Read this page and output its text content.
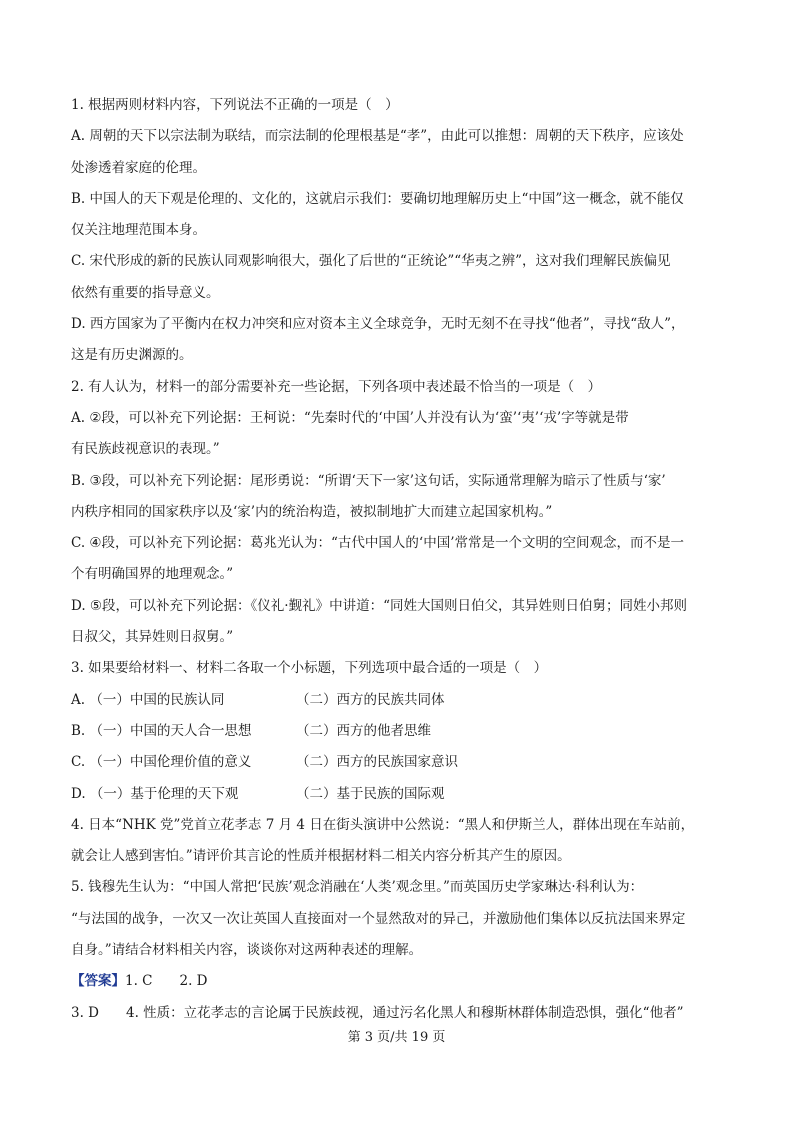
1. 根据两则材料内容，下列说法不正确的一项是（　）

A. 周朝的天下以宗法制为联结，而宗法制的伦理根基是“孝”，由此可以推想：周朝的天下秩序，应该处

处渗透着家庭的伦理。

B. 中国人的天下观是伦理的、文化的，这就启示我们：要确切地理解历史上“中国”这一概念，就不能仅

仅关注地理范围本身。

C. 宋代形成的新的民族认同观影响很大，强化了后世的“正统论”“华夷之辨”，这对我们理解民族偏见

依然有重要的指导意义。

D. 西方国家为了平衡内在权力冲突和应对资本主义全球竞争，无时无刻不在寻找“他者”，寻找“敌人”，

这是有历史渊源的。

2. 有人认为，材料一的部分需要补充一些论据，下列各项中表述最不恰当的一项是（　）

A. ②段，可以补充下列论据：王柯说：“先秦时代的‘中国’人并没有认为‘蛮’‘夷’‘戎’字等就是带

有民族歧视意识的表现。”

B. ③段，可以补充下列论据：尾形勇说：“所谓‘天下一家’这句话，实际通常理解为暗示了性质与‘家’

内秩序相同的国家秩序以及‘家’内的统治构造，被拟制地扩大而建立起国家机构。”

C. ④段，可以补充下列论据：葛兆光认为：“古代中国人的‘中国’常常是一个文明的空间观念，而不是一

个有明确国界的地理观念。”

D. ⑤段，可以补充下列论据：《仪礼·觐礼》中讲道：“同姓大国则日伯父，其异姓则日伯舅；同姓小邦则

日叔父，其异姓则日叔舅。”

3. 如果要给材料一、材料二各取一个小标题，下列选项中最合适的一项是（　）

A. （一）中国的民族认同	（二）西方的民族共同体
B. （一）中国的天人合一思想	（二）西方的他者思维
C. （一）中国伦理价值的意义	（二）西方的民族国家意识
D. （一）基于伦理的天下观	（二）基于民族的国际观

4. 日本“NHK 党”党首立花孝志 7 月 4 日在街头演讲中公然说：“黑人和伊斯兰人，群体出现在车站前，

就会让人感到害怕。”请评价其言论的性质并根据材料二相关内容分析其产生的原因。

5. 钱穆先生认为：“中国人常把‘民族’观念消融在‘人类’观念里。”而英国历史学家琳达·科利认为：

“与法国的战争，一次又一次让英国人直接面对一个显然敌对的异己，并激励他们集体以反抗法国来界定

自身。”请结合材料相关内容，谈谈你对这两种表述的理解。

【答案】1. C　　2. D

3. D　　4. 性质：立花孝志的言论属于民族歧视，通过污名化黑人和穆斯林群体制造恐惧，强化“他者”

第 3 页/共 19 页
